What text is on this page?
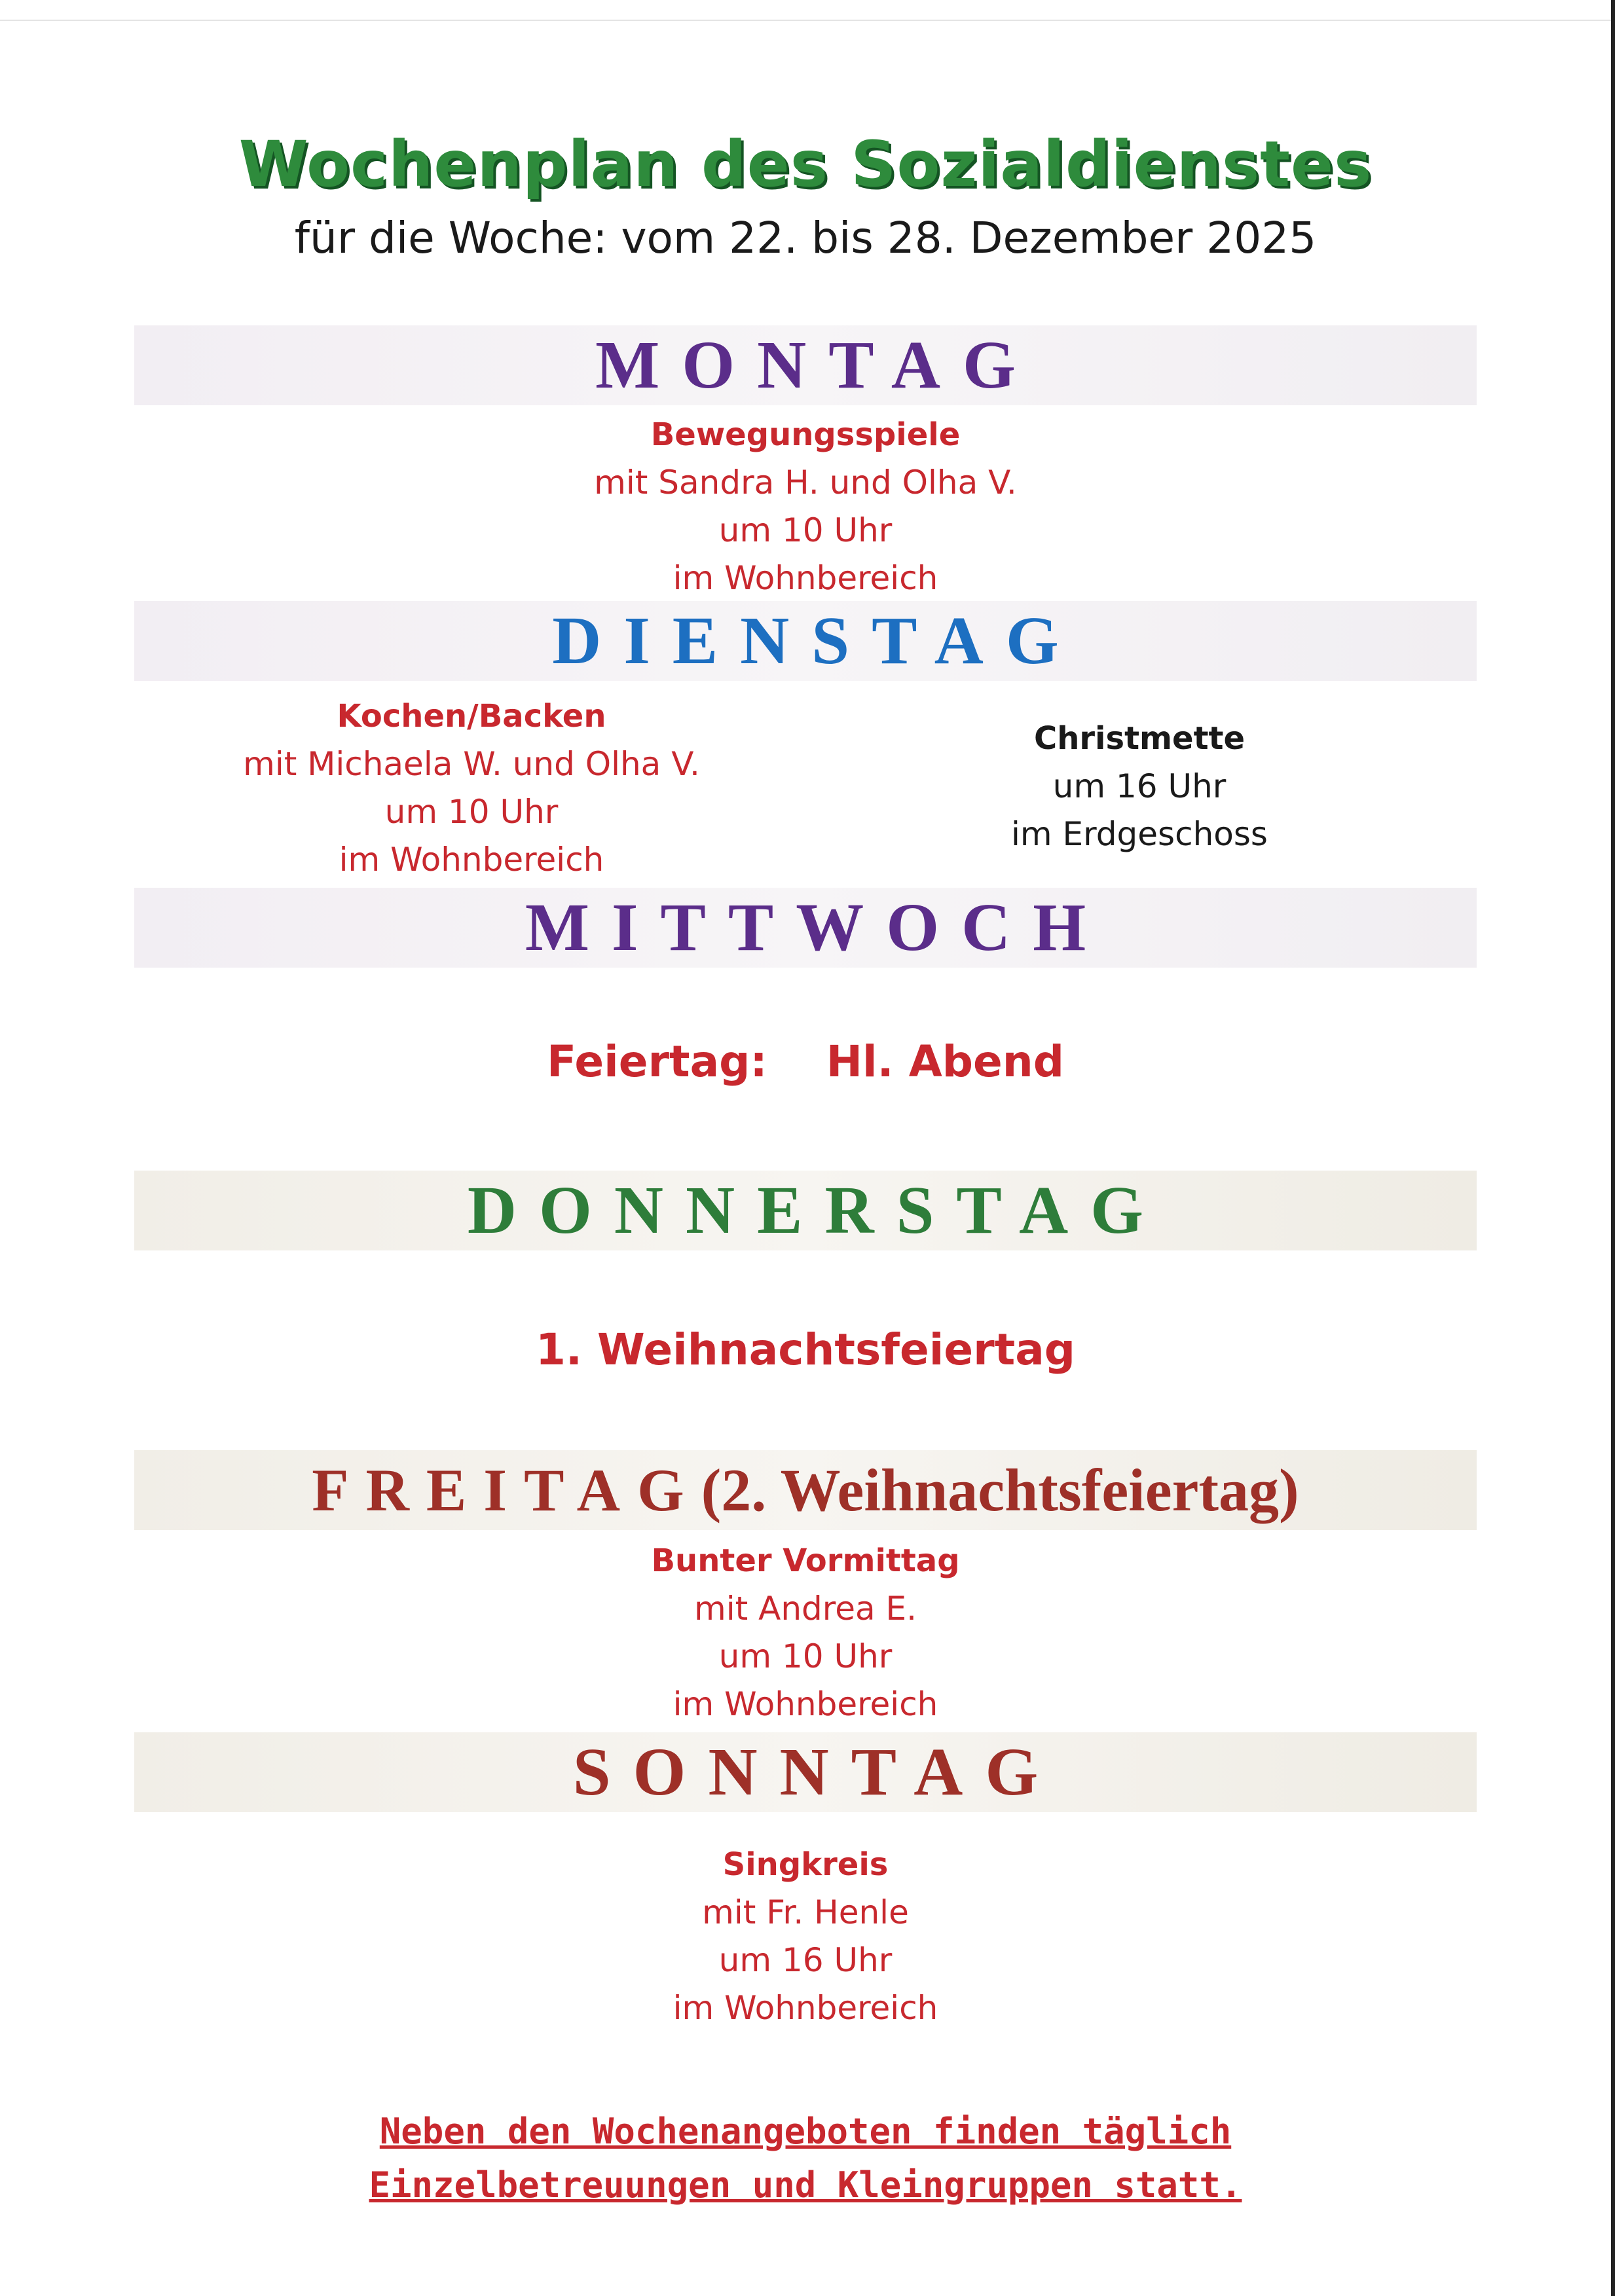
Wochenplan des Sozialdienstes
für die Woche: vom 22. bis 28. Dezember 2025
MONTAG
Bewegungsspiele
mit Sandra H. und Olha V.
um 10 Uhr
im Wohnbereich
DIENSTAG
Kochen/Backen
mit Michaela W. und Olha V.
um 10 Uhr
im Wohnbereich
Christmette
um 16 Uhr
im Erdgeschoss
MITTWOCH
Feiertag: Hl. Abend
DONNERSTAG
1. Weihnachtsfeiertag
FREITAG(2. Weihnachtsfeiertag)
Bunter Vormittag
mit Andrea E.
um 10 Uhr
im Wohnbereich
SONNTAG
Singkreis
mit Fr. Henle
um 16 Uhr
im Wohnbereich
Neben den Wochenangeboten finden täglich
Einzelbetreuungen und Kleingruppen statt.
